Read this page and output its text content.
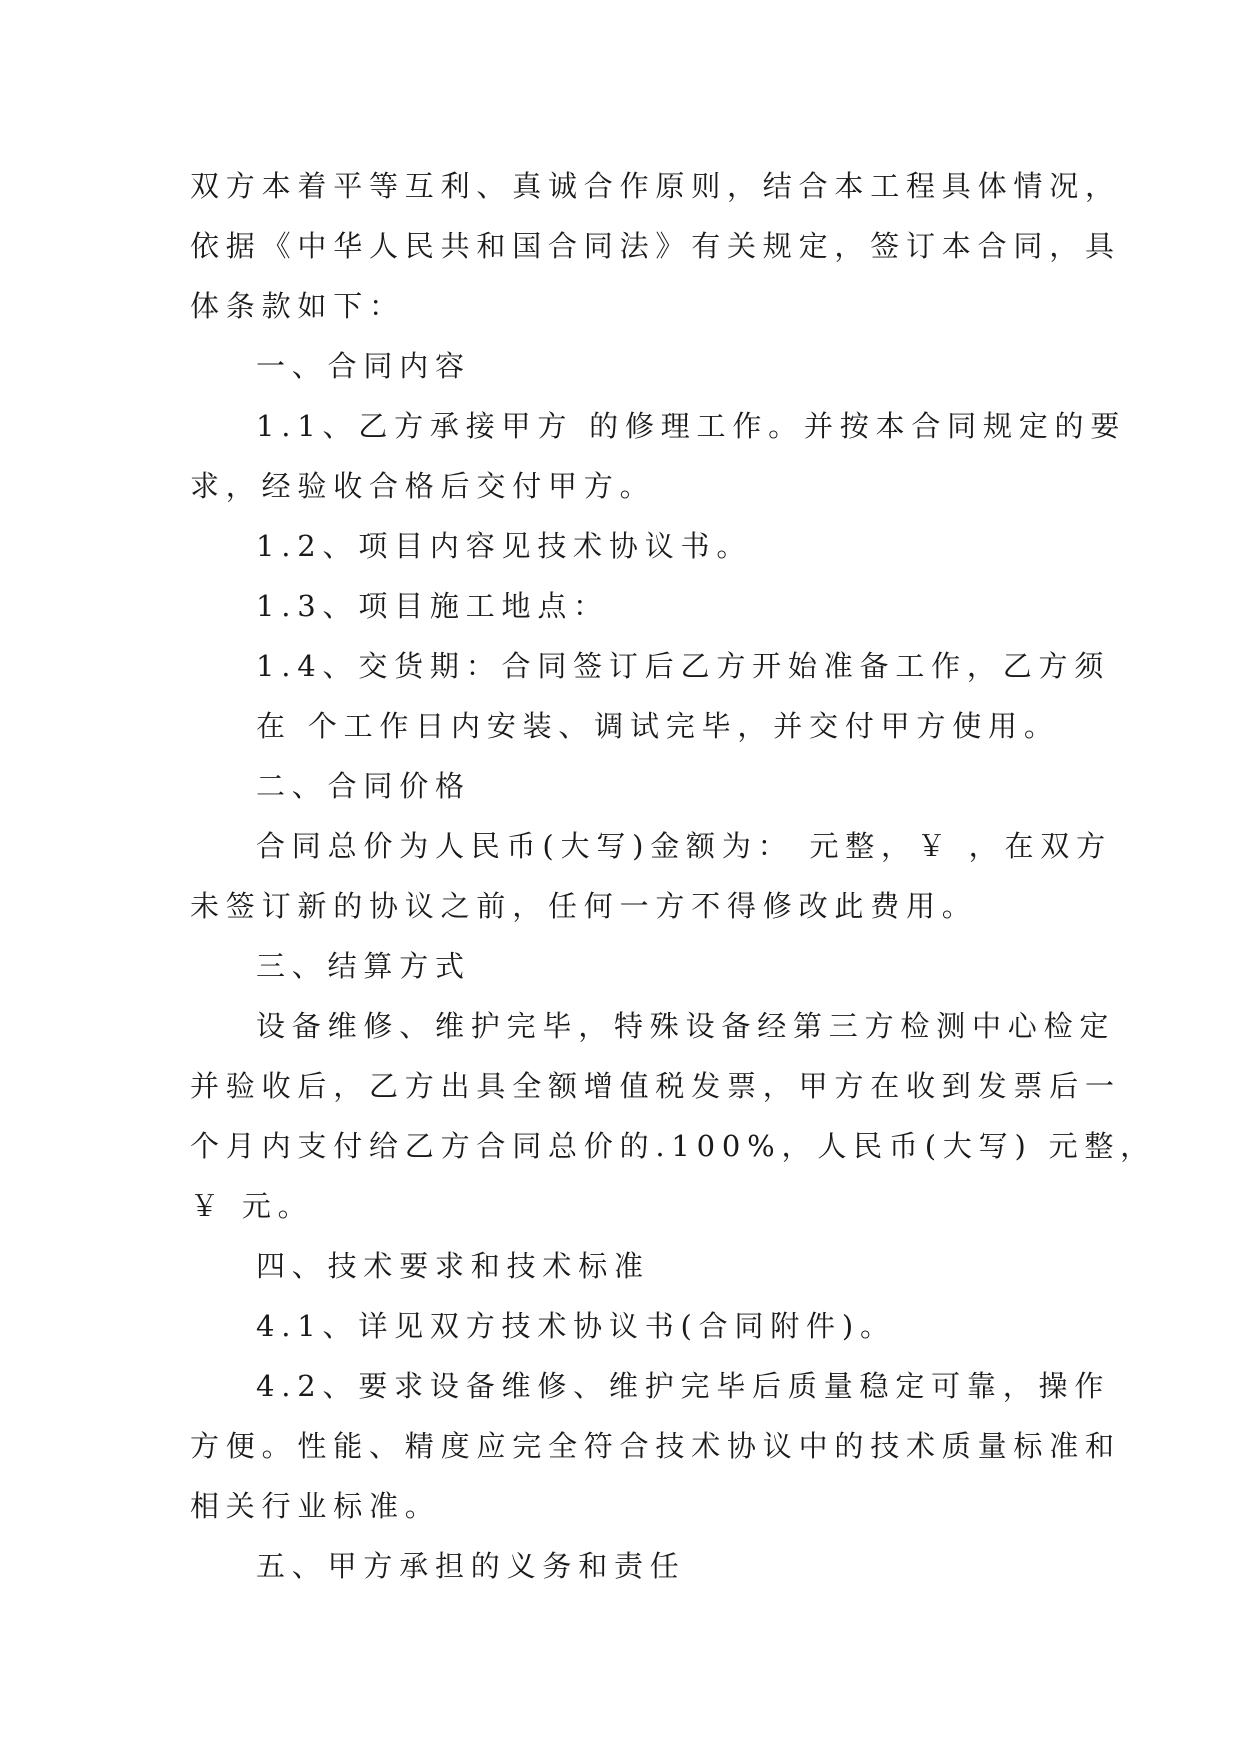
双方本着平等互利、真诚合作原则，结合本工程具体情况，
依据《中华人民共和国合同法》有关规定，签订本合同，具
体条款如下：
一、合同内容
1.1、乙方承接甲方 的修理工作。并按本合同规定的要
求，经验收合格后交付甲方。
1.2、项目内容见技术协议书。
1.3、项目施工地点：
1.4、交货期：合同签订后乙方开始准备工作，乙方须
在 个工作日内安装、调试完毕，并交付甲方使用。
二、合同价格
合同总价为人民币(大写)金额为： 元整，￥ ，在双方
未签订新的协议之前，任何一方不得修改此费用。
三、结算方式
设备维修、维护完毕，特殊设备经第三方检测中心检定
并验收后，乙方出具全额增值税发票，甲方在收到发票后一
个月内支付给乙方合同总价的.100%，人民币(大写) 元整，
￥ 元。
四、技术要求和技术标准
4.1、详见双方技术协议书(合同附件)。
4.2、要求设备维修、维护完毕后质量稳定可靠，操作
方便。性能、精度应完全符合技术协议中的技术质量标准和
相关行业标准。
五、甲方承担的义务和责任
